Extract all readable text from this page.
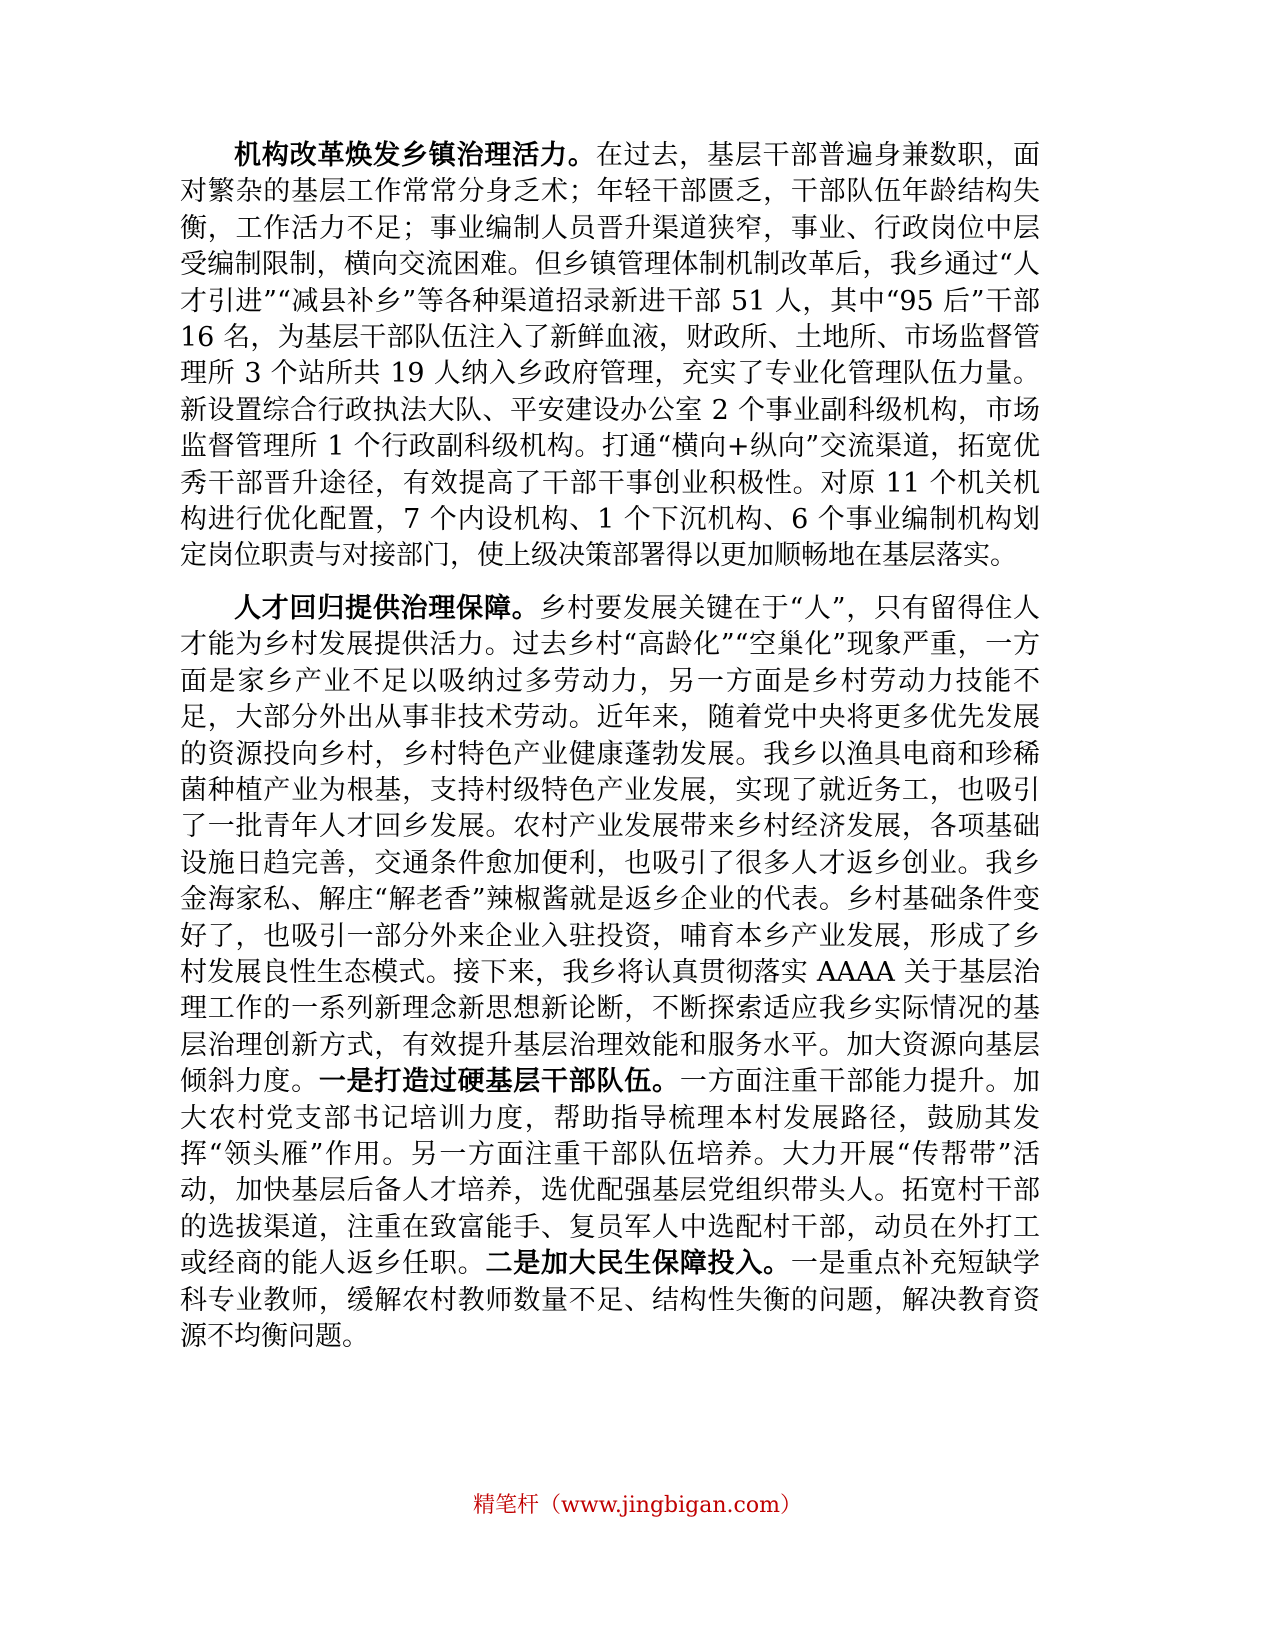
机构改革焕发乡镇治理活力。在过去，基层干部普遍身兼数职，面对繁杂的基层工作常常分身乏术；年轻干部匮乏，干部队伍年龄结构失衡，工作活力不足；事业编制人员晋升渠道狭窄，事业、行政岗位中层受编制限制，横向交流困难。但乡镇管理体制机制改革后，我乡通过“人才引进”“减县补乡”等各种渠道招录新进干部 51 人，其中“95 后”干部 16 名，为基层干部队伍注入了新鲜血液，财政所、土地所、市场监督管理所 3 个站所共 19 人纳入乡政府管理，充实了专业化管理队伍力量。新设置综合行政执法大队、平安建设办公室 2 个事业副科级机构，市场监督管理所 1 个行政副科级机构。打通“横向+纵向”交流渠道，拓宽优秀干部晋升途径，有效提高了干部干事创业积极性。对原 11 个机关机构进行优化配置，7 个内设机构、1 个下沉机构、6 个事业编制机构划定岗位职责与对接部门，使上级决策部署得以更加顺畅地在基层落实。

人才回归提供治理保障。乡村要发展关键在于“人”，只有留得住人才能为乡村发展提供活力。过去乡村“高龄化”“空巢化”现象严重，一方面是家乡产业不足以吸纳过多劳动力，另一方面是乡村劳动力技能不足，大部分外出从事非技术劳动。近年来，随着党中央将更多优先发展的资源投向乡村，乡村特色产业健康蓬勃发展。我乡以渔具电商和珍稀菌种植产业为根基，支持村级特色产业发展，实现了就近务工，也吸引了一批青年人才回乡发展。农村产业发展带来乡村经济发展，各项基础设施日趋完善，交通条件愈加便利，也吸引了很多人才返乡创业。我乡金海家私、解庄“解老香”辣椒酱就是返乡企业的代表。乡村基础条件变好了，也吸引一部分外来企业入驻投资，哺育本乡产业发展，形成了乡村发展良性生态模式。接下来，我乡将认真贯彻落实 AAAA 关于基层治理工作的一系列新理念新思想新论断，不断探索适应我乡实际情况的基层治理创新方式，有效提升基层治理效能和服务水平。加大资源向基层倾斜力度。一是打造过硬基层干部队伍。一方面注重干部能力提升。加大农村党支部书记培训力度，帮助指导梳理本村发展路径，鼓励其发挥“领头雁”作用。另一方面注重干部队伍培养。大力开展“传帮带”活动，加快基层后备人才培养，选优配强基层党组织带头人。拓宽村干部的选拔渠道，注重在致富能手、复员军人中选配村干部，动员在外打工或经商的能人返乡任职。二是加大民生保障投入。一是重点补充短缺学科专业教师，缓解农村教师数量不足、结构性失衡的问题，解决教育资源不均衡问题。

精笔杆（www.jingbigan.com）
